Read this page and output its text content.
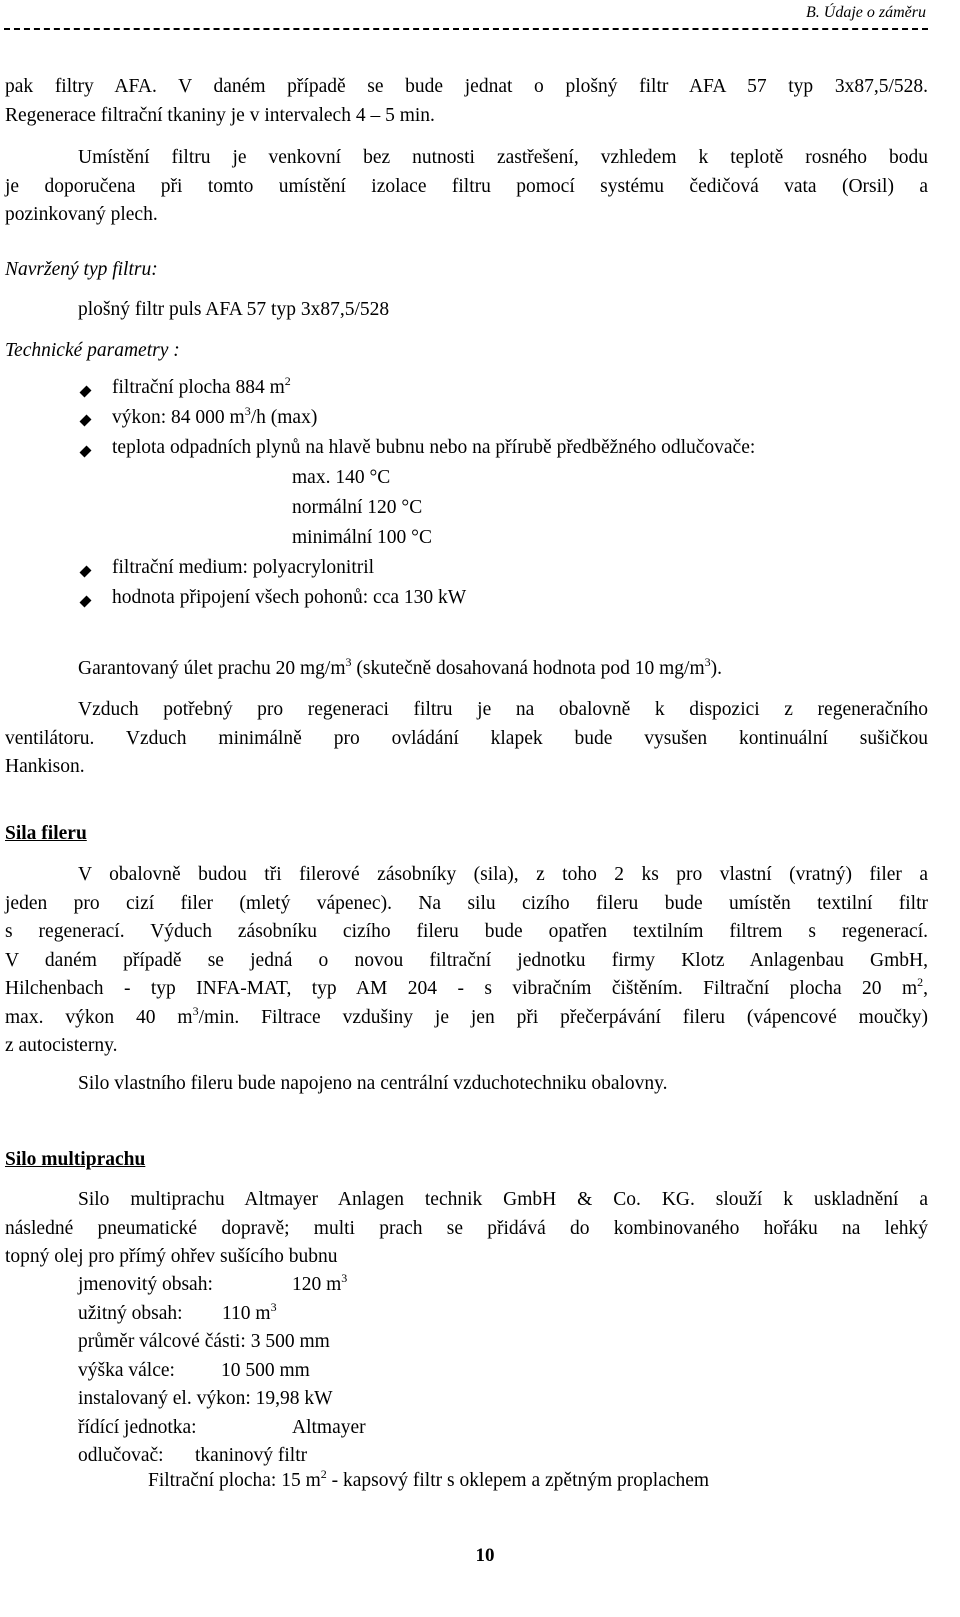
B. Údaje o záměru
pak filtry AFA. V daném případě se bude jednat o plošný filtr AFA 57 typ 3x87,5/528.
Regenerace filtrační tkaniny je v intervalech 4 – 5 min.
Umístění filtru je venkovní bez nutnosti zastřešení, vzhledem k teplotě rosného bodu
je doporučena při tomto umístění izolace filtru pomocí systému čedičová vata (Orsil) a
pozinkovaný plech.
Navržený typ filtru:
plošný filtr puls AFA 57 typ 3x87,5/528
Technické parametry :
filtrační plocha 884 $m^2$
výkon: 84 000 $m^3/h$ (max)
teplota odpadních plynů na hlavě bubnu nebo na přírubě předběžného odlučovače:
max. 140 °C
normální 120 °C
minimální 100 °C
filtrační medium: polyacrylonitril
hodnota připojení všech pohonů: cca 130 kW
Garantovaný úlet prachu 20 $mg/m^3$ (skutečně dosahovaná hodnota pod 10 $mg/m^3$).
Vzduch potřebný pro regeneraci filtru je na obalovně k dispozici z regeneračního
ventilátoru. Vzduch minimálně pro ovládání klapek bude vysušen kontinuální sušičkou
Hankison.
Sila fileru
V obalovně budou tři filerové zásobníky (sila), z toho 2 ks pro vlastní (vratný) filer a
jeden pro cizí filer (mletý vápenec). Na silu cizího fileru bude umístěn textilní filtr
s regenerací. Výduch zásobníku cizího fileru bude opatřen textilním filtrem s regenerací.
V daném případě se jedná o novou filtrační jednotku firmy Klotz Anlagenbau GmbH,
Hilchenbach - typ INFA-MAT, typ AM 204 - s vibračním čištěním. Filtrační plocha 20 $m^2$,
max. výkon 40 $m^3/\min$. Filtrace vzdušiny je jen při přečerpávání fileru (vápencové moučky)
z autocisterny.
Silo vlastního fileru bude napojeno na centrální vzduchotechniku obalovny.
Silo multiprachu
Silo multiprachu Altmayer Anlagen technik GmbH & Co. KG. slouží k uskladnění a
následné pneumatické dopravě; multi prach se přidává do kombinovaného hořáku na lehký
topný olej pro přímý ohřev sušícího bubnu
jmenovitý obsah:	120 $m^3$
užitný obsah: 110 $m^3$
průměr válcové části: 3 500 mm
výška válce: 10 500 mm
instalovaný el. výkon: 19,98 kW
řídící jednotka:	Altmayer
odlučovač: tkaninový filtr
Filtrační plocha: 15 $m^2$ - kapsový filtr s oklepem a zpětným proplachem
10
